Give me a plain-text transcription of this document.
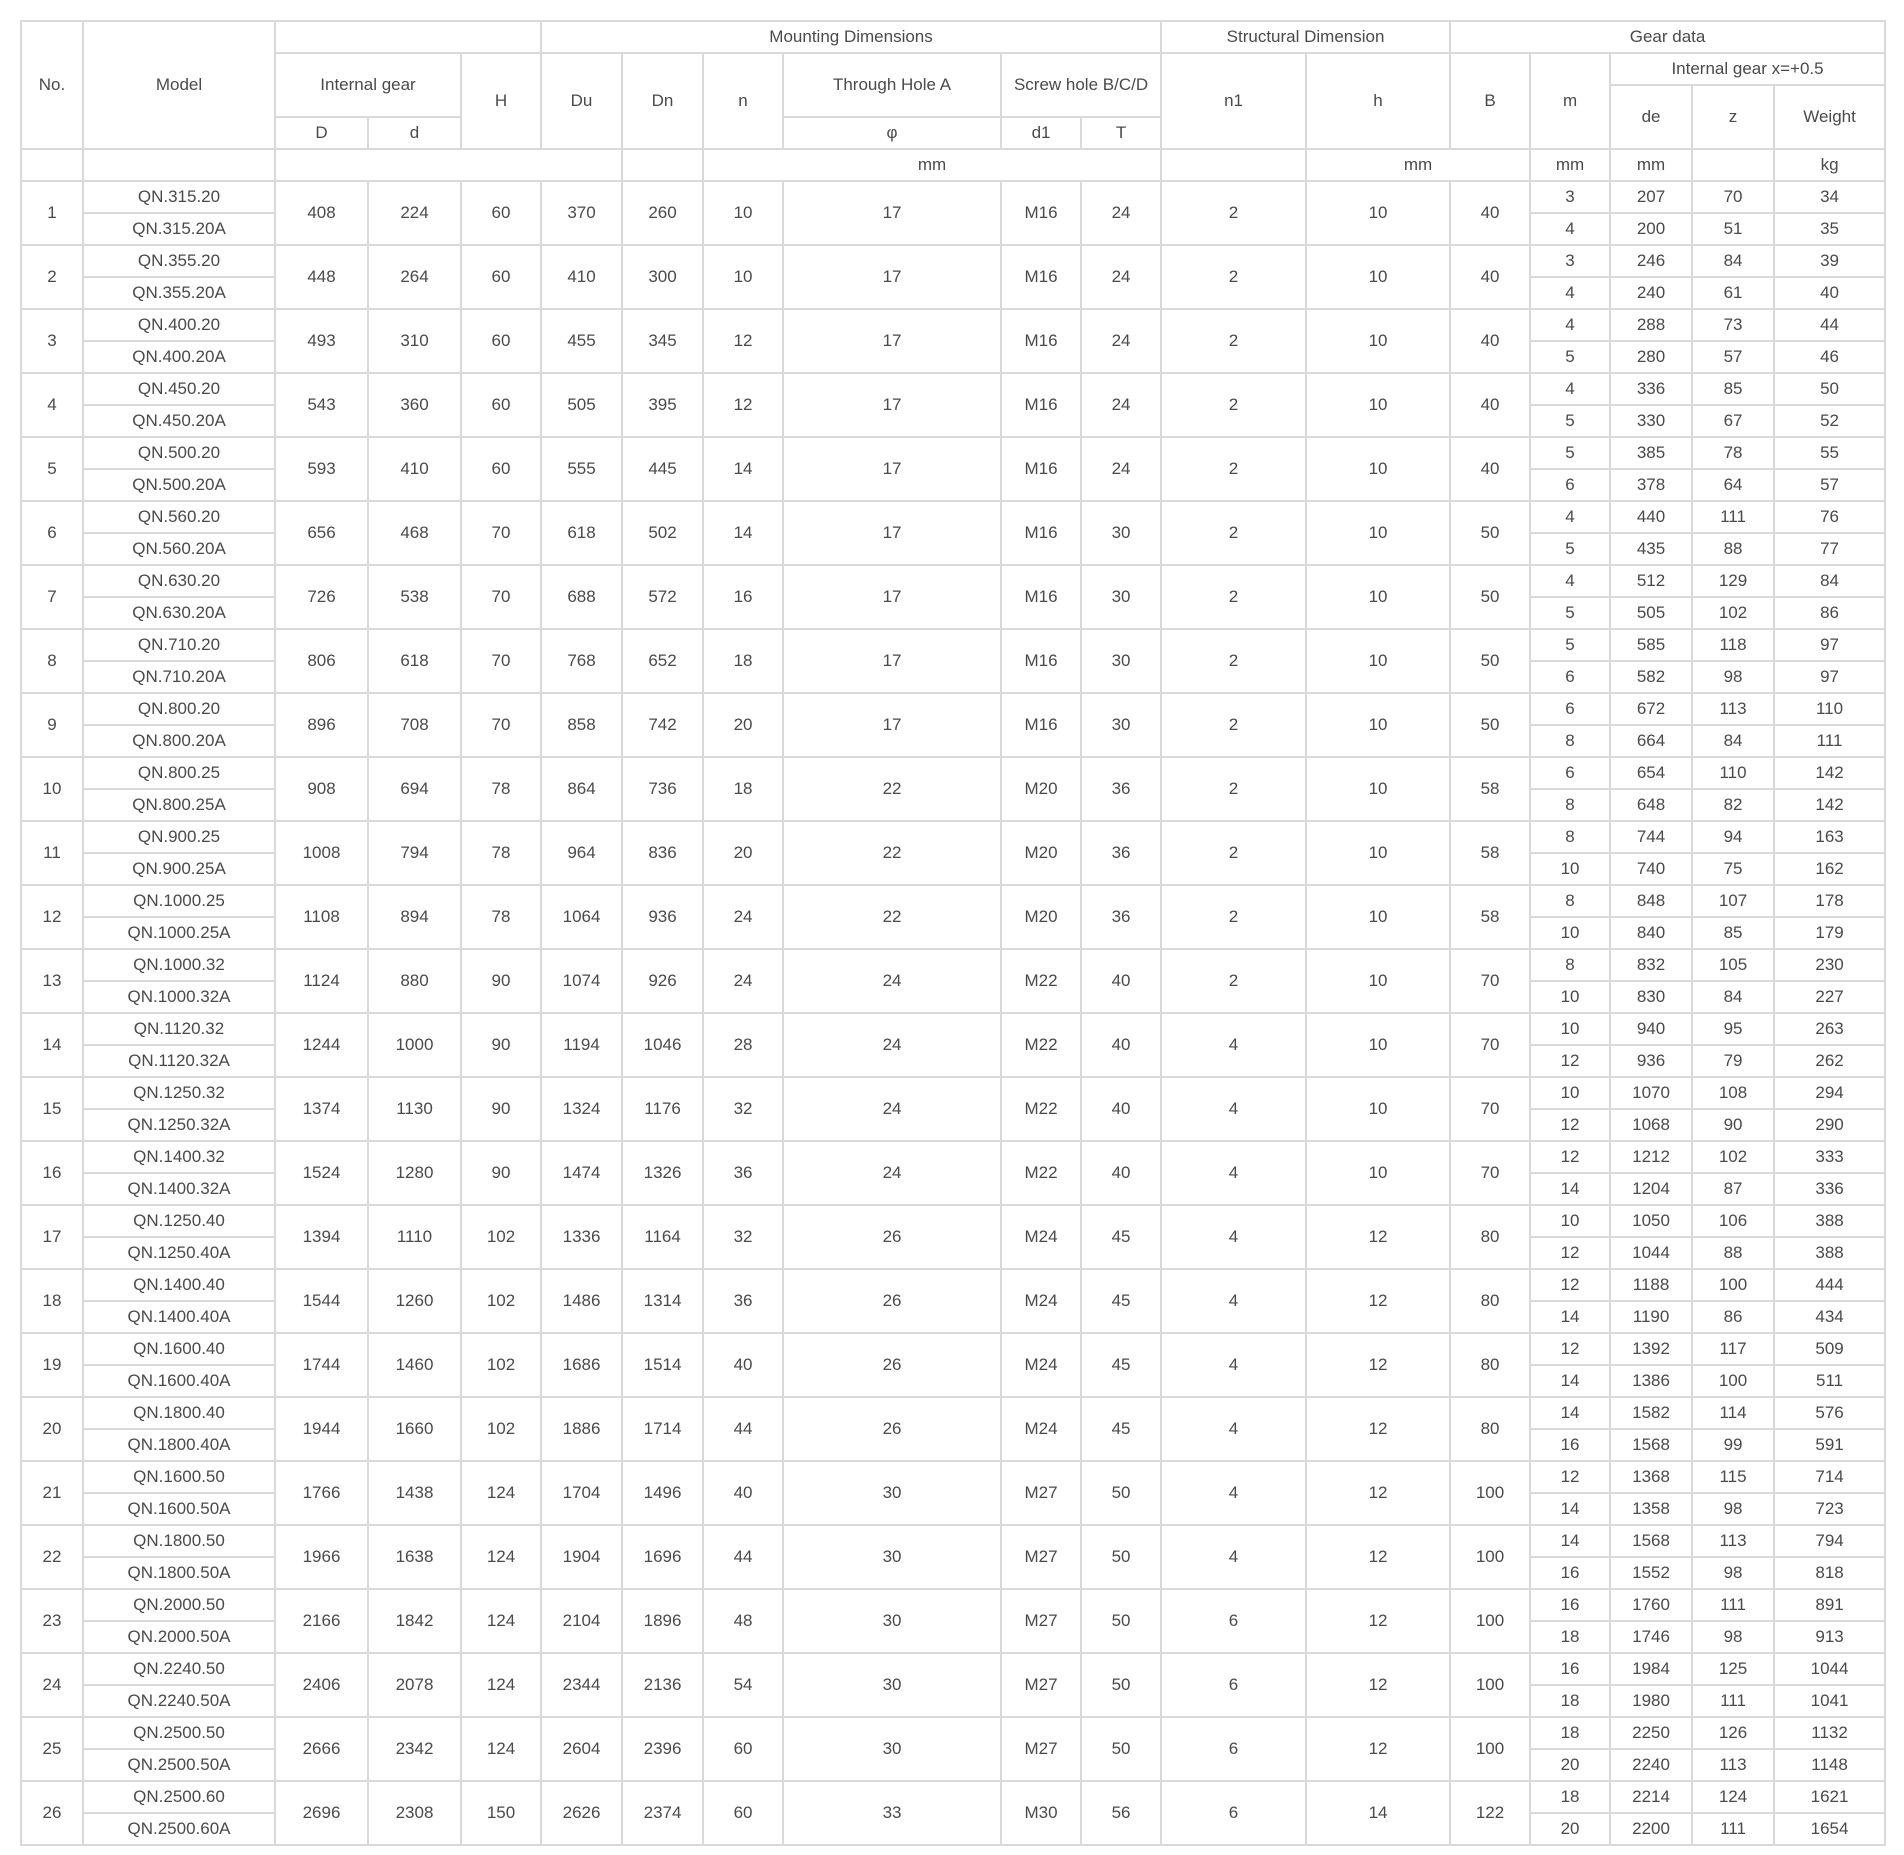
No.	Model				Mounting Dimensions						Structural Dimension		Gear data				
		Internal gear		H	Du	Dn	n	Through Hole A	Screw hole B/C/D		n1	h	B	m	Internal gear x=+0.5		
															de	z	Weight
		D	d					φ	d1	T							
							mm					mm		mm	mm		kg
1	QN.315.20	408	224	60	370	260	10	17	M16	24	2	10	40	3	207	70	34
	QN.315.20A													4	200	51	35
2	QN.355.20	448	264	60	410	300	10	17	M16	24	2	10	40	3	246	84	39
	QN.355.20A													4	240	61	40
3	QN.400.20	493	310	60	455	345	12	17	M16	24	2	10	40	4	288	73	44
	QN.400.20A													5	280	57	46
4	QN.450.20	543	360	60	505	395	12	17	M16	24	2	10	40	4	336	85	50
	QN.450.20A													5	330	67	52
5	QN.500.20	593	410	60	555	445	14	17	M16	24	2	10	40	5	385	78	55
	QN.500.20A													6	378	64	57
6	QN.560.20	656	468	70	618	502	14	17	M16	30	2	10	50	4	440	111	76
	QN.560.20A													5	435	88	77
7	QN.630.20	726	538	70	688	572	16	17	M16	30	2	10	50	4	512	129	84
	QN.630.20A													5	505	102	86
8	QN.710.20	806	618	70	768	652	18	17	M16	30	2	10	50	5	585	118	97
	QN.710.20A													6	582	98	97
9	QN.800.20	896	708	70	858	742	20	17	M16	30	2	10	50	6	672	113	110
	QN.800.20A													8	664	84	111
10	QN.800.25	908	694	78	864	736	18	22	M20	36	2	10	58	6	654	110	142
	QN.800.25A													8	648	82	142
11	QN.900.25	1008	794	78	964	836	20	22	M20	36	2	10	58	8	744	94	163
	QN.900.25A													10	740	75	162
12	QN.1000.25	1108	894	78	1064	936	24	22	M20	36	2	10	58	8	848	107	178
	QN.1000.25A													10	840	85	179
13	QN.1000.32	1124	880	90	1074	926	24	24	M22	40	2	10	70	8	832	105	230
	QN.1000.32A													10	830	84	227
14	QN.1120.32	1244	1000	90	1194	1046	28	24	M22	40	4	10	70	10	940	95	263
	QN.1120.32A													12	936	79	262
15	QN.1250.32	1374	1130	90	1324	1176	32	24	M22	40	4	10	70	10	1070	108	294
	QN.1250.32A													12	1068	90	290
16	QN.1400.32	1524	1280	90	1474	1326	36	24	M22	40	4	10	70	12	1212	102	333
	QN.1400.32A													14	1204	87	336
17	QN.1250.40	1394	1110	102	1336	1164	32	26	M24	45	4	12	80	10	1050	106	388
	QN.1250.40A													12	1044	88	388
18	QN.1400.40	1544	1260	102	1486	1314	36	26	M24	45	4	12	80	12	1188	100	444
	QN.1400.40A													14	1190	86	434
19	QN.1600.40	1744	1460	102	1686	1514	40	26	M24	45	4	12	80	12	1392	117	509
	QN.1600.40A													14	1386	100	511
20	QN.1800.40	1944	1660	102	1886	1714	44	26	M24	45	4	12	80	14	1582	114	576
	QN.1800.40A													16	1568	99	591
21	QN.1600.50	1766	1438	124	1704	1496	40	30	M27	50	4	12	100	12	1368	115	714
	QN.1600.50A													14	1358	98	723
22	QN.1800.50	1966	1638	124	1904	1696	44	30	M27	50	4	12	100	14	1568	113	794
	QN.1800.50A													16	1552	98	818
23	QN.2000.50	2166	1842	124	2104	1896	48	30	M27	50	6	12	100	16	1760	111	891
	QN.2000.50A													18	1746	98	913
24	QN.2240.50	2406	2078	124	2344	2136	54	30	M27	50	6	12	100	16	1984	125	1044
	QN.2240.50A													18	1980	111	1041
25	QN.2500.50	2666	2342	124	2604	2396	60	30	M27	50	6	12	100	18	2250	126	1132
	QN.2500.50A													20	2240	113	1148
26	QN.2500.60	2696	2308	150	2626	2374	60	33	M30	56	6	14	122	18	2214	124	1621
	QN.2500.60A													20	2200	111	1654
